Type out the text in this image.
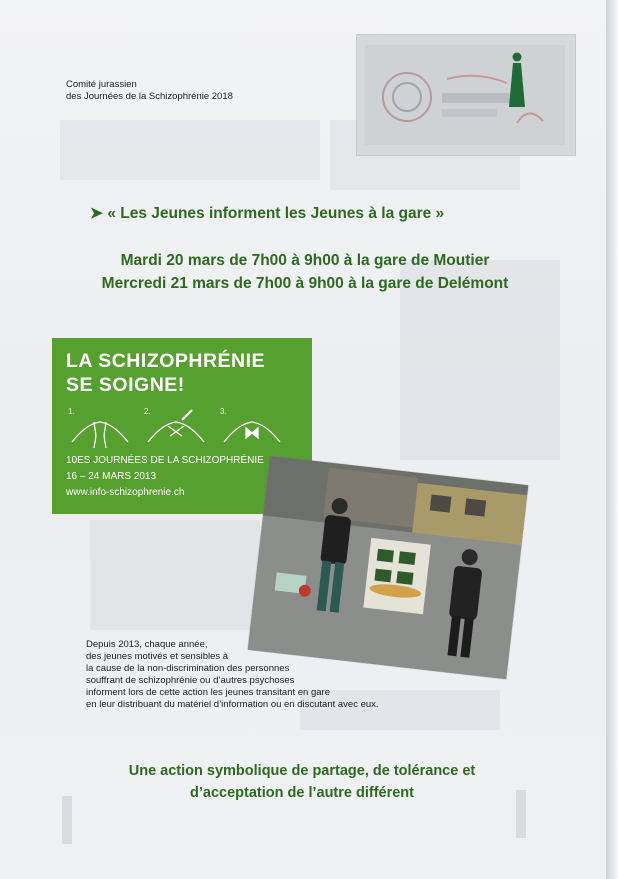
Comité jurassien
des Journées de la Schizophrénie 2018
➤ « Les Jeunes informent les Jeunes à la gare »
Mardi 20 mars de 7h00 à 9h00 à la gare de Moutier
Mercredi 21 mars de 7h00 à 9h00 à la gare de Delémont
LA SCHIZOPHRÉNIE
SE SOIGNE!
1.	2.	3.
10ES JOURNÉES DE LA SCHIZOPHRÉNIE
16 – 24 MARS 2013
www.info-schizophrenie.ch
Depuis 2013, chaque année,
des jeunes motivés et sensibles à
la cause de la non-discrimination des personnes
souffrant de schizophrénie ou d’autres psychoses
informent lors de cette action les jeunes transitant en gare
en leur distribuant du matériel d’information ou en discutant avec eux.
Une action symbolique de partage, de tolérance et
d’acceptation de l’autre différent
